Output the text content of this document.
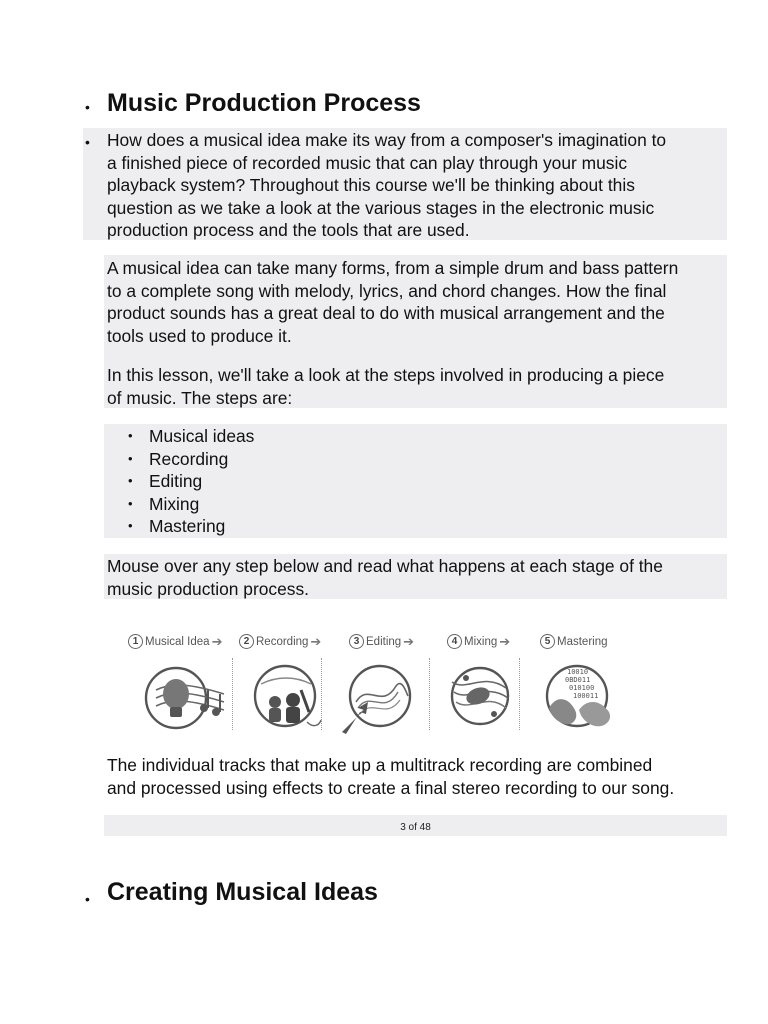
• Music Production Process
• How does a musical idea make its way from a composer's imagination to
a finished piece of recorded music that can play through your music
playback system? Throughout this course we'll be thinking about this
question as we take a look at the various stages in the electronic music
production process and the tools that are used.

A musical idea can take many forms, from a simple drum and bass pattern
to a complete song with melody, lyrics, and chord changes. How the final
product sounds has a great deal to do with musical arrangement and the
tools used to produce it.

In this lesson, we'll take a look at the steps involved in producing a piece
of music. The steps are:

• Musical ideas
• Recording
• Editing
• Mixing
• Mastering

Mouse over any step below and read what happens at each stage of the
music production process.

1 Musical Idea ➔	2 Recording ➔	3 Editing ➔	4 Mixing ➔	5 Mastering
10010
0BD011
010100
100011

The individual tracks that make up a multitrack recording are combined
and processed using effects to create a final stereo recording to our song.

3 of 48
• Creating Musical Ideas
